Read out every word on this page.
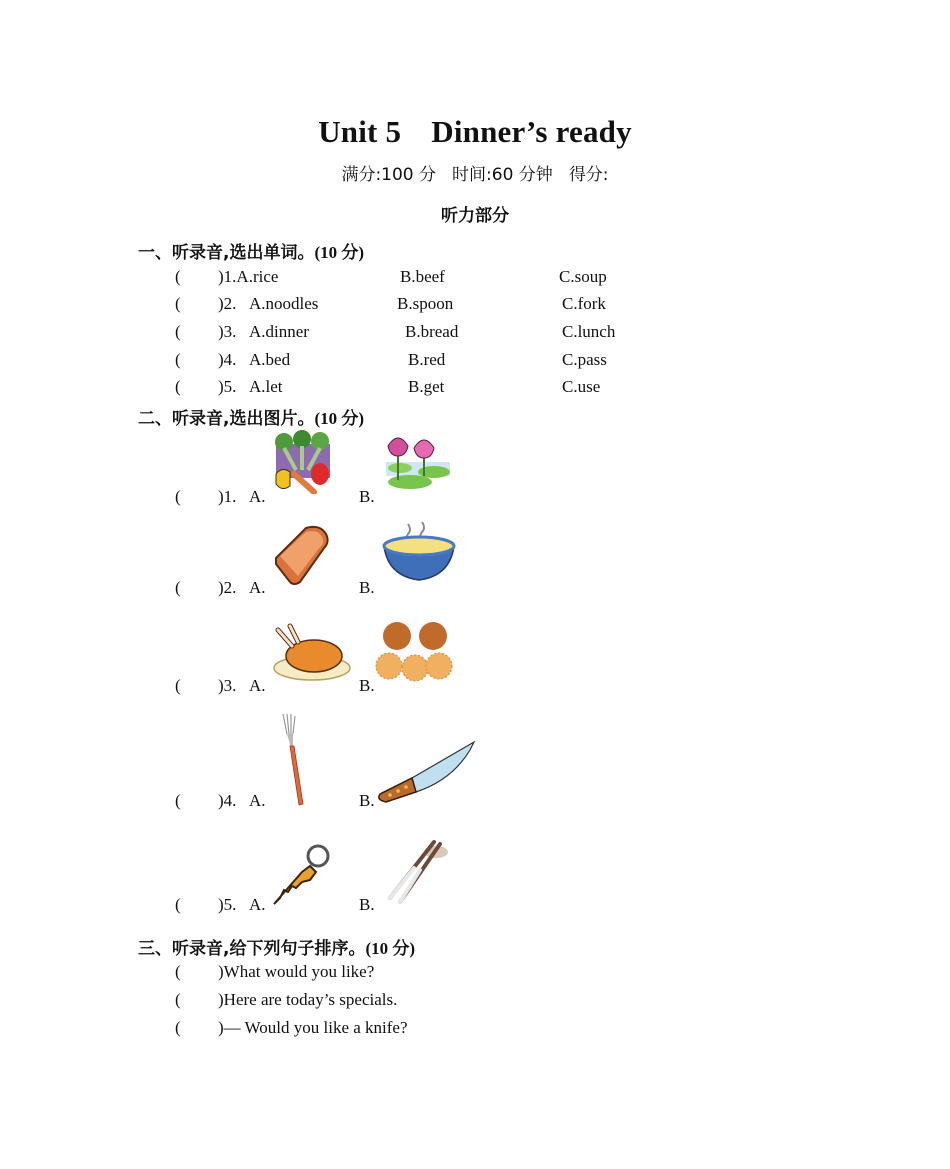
Unit 5 Dinner’s ready
满分:100 分 时间:60 分钟 得分:
听力部分
一、听录音,选出单词。(10 分)
( )1.A.rice	B.beef	C.soup
( )2. A.noodles	B.spoon	C.fork
( )3. A.dinner	B.bread	C.lunch
( )4. A.bed	B.red	C.pass
( )5. A.let	B.get	C.use
二、听录音,选出图片。(10 分)
( )1. A.	B.
( )2. A.	B.
( )3. A.	B.
( )4. A.	B.
( )5. A.	B.
三、听录音,给下列句子排序。(10 分)
( )What would you like?
( )Here are today’s specials.
( )— Would you like a knife?
